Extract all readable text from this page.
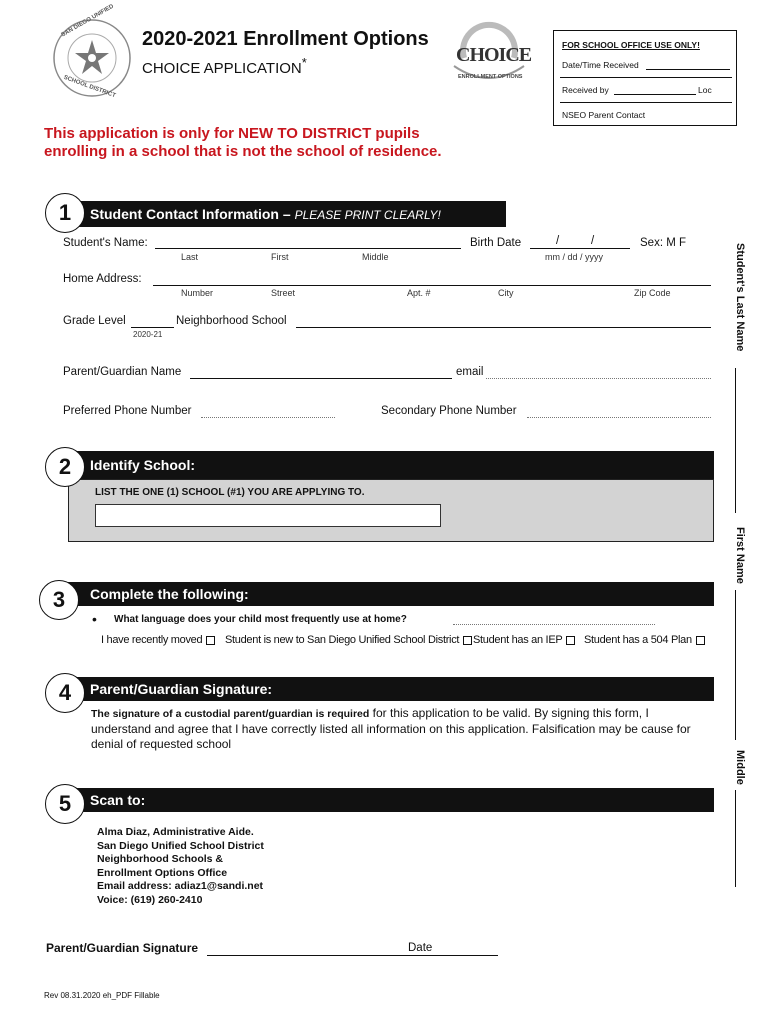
SAN DIEGO UNIFIED
SCHOOL DISTRICT
2020-2021 Enrollment Options
CHOICE APPLICATION*	CHOICE
ENROLLMENT OPTIONS
FOR SCHOOL OFFICE USE ONLY!
Date/Time Received
Received by	Loc
NSEO Parent Contact
This application is only for NEW TO DISTRICT pupils
enrolling in a school that is not the school of residence.
1	Student Contact Information – PLEASE PRINT CLEARLY!
Student's Name:
Last	First	Middle
Birth Date	/	/
mm / dd / yyyy
Sex: M F
Home Address:
Number	Street	Apt. #	City	Zip Code
Grade Level
2020-21
Neighborhood School
Parent/Guardian Name	email
Preferred Phone Number	Secondary Phone Number
2	Identify School:
LIST THE ONE (1) SCHOOL (#1) YOU ARE APPLYING TO.
3	Complete the following:
• What language does your child most frequently use at home?
I have recently moved	Student is new to San Diego Unified School District	Student has an IEP	Student has a 504 Plan
4	Parent/Guardian Signature:
The signature of a custodial parent/guardian is required for this application to be valid. By signing this form, I understand and agree that I have correctly listed all information on this application. Falsification may be cause for denial of requested school
5	Scan to:
Alma Diaz, Administrative Aide.
San Diego Unified School District
Neighborhood Schools &
Enrollment Options Office
Email address: adiaz1@sandi.net
Voice: (619) 260-2410
Parent/Guardian Signature	Date
Rev 08.31.2020 eh_PDF Fillable
Student's Last Name
First Name
Middle
